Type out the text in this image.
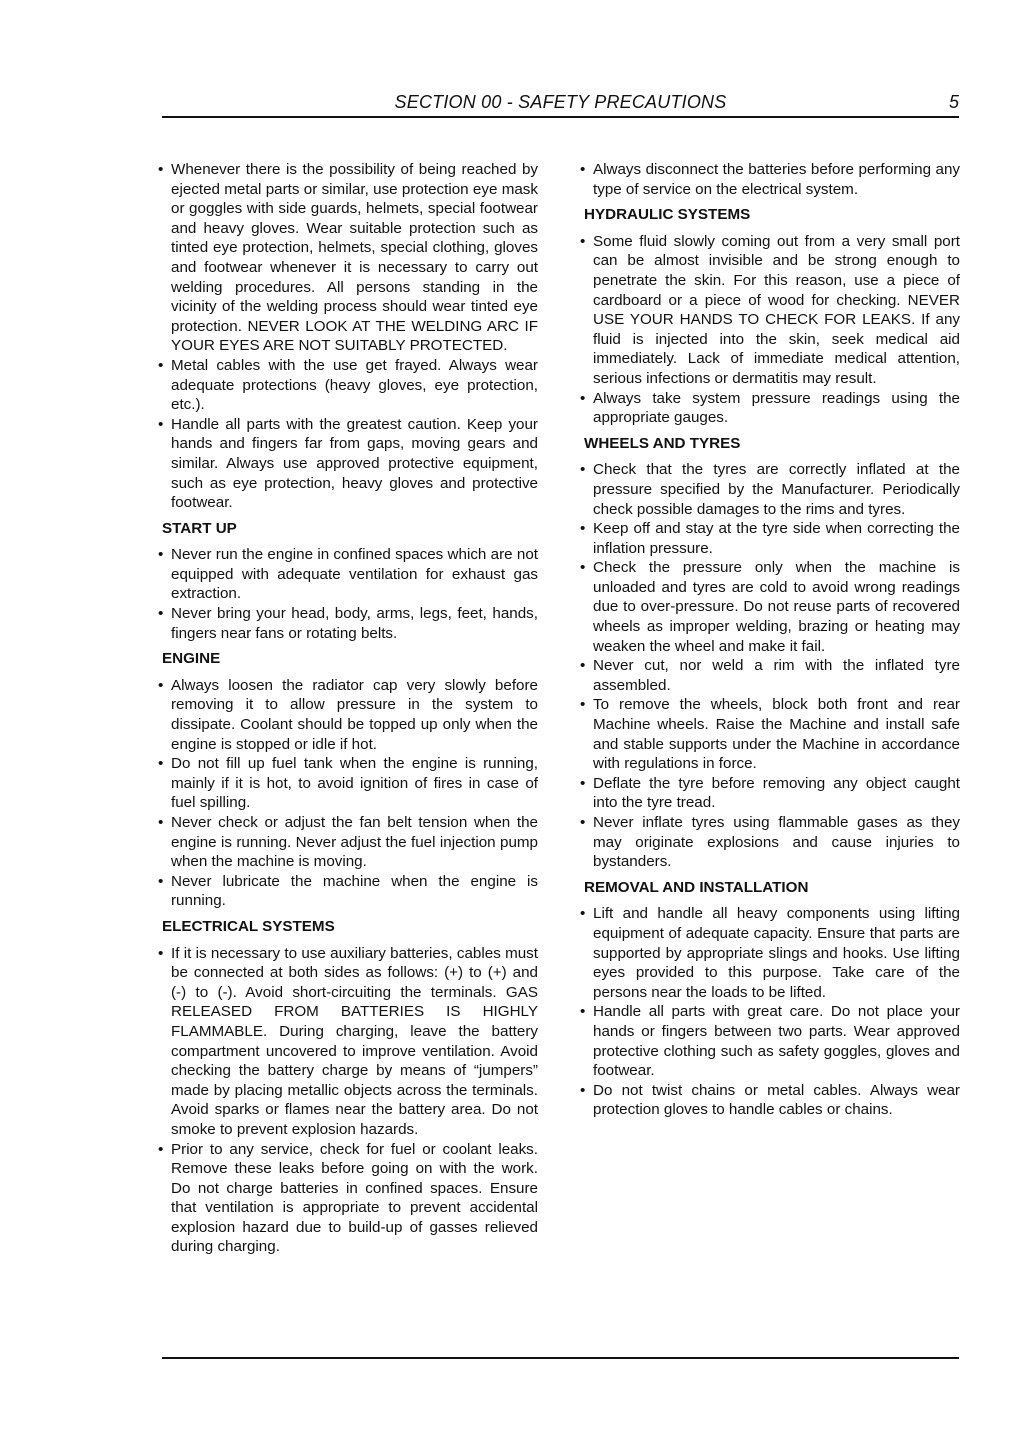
SECTION 00 - SAFETY PRECAUTIONS	5

• Whenever there is the possibility of being reached by ejected metal parts or similar, use protection eye mask or goggles with side guards, helmets, special footwear and heavy gloves. Wear suitable protection such as tinted eye protection, helmets, special clothing, gloves and footwear whenever it is necessary to carry out welding procedures. All persons standing in the vicinity of the welding process should wear tinted eye protection. NEVER LOOK AT THE WELDING ARC IF YOUR EYES ARE NOT SUITABLY PROTECTED.

• Metal cables with the use get frayed. Always wear adequate protections (heavy gloves, eye protection, etc.).

• Handle all parts with the greatest caution. Keep your hands and fingers far from gaps, moving gears and similar. Always use approved protective equipment, such as eye protection, heavy gloves and protective footwear.

START UP

• Never run the engine in confined spaces which are not equipped with adequate ventilation for exhaust gas extraction.

• Never bring your head, body, arms, legs, feet, hands, fingers near fans or rotating belts.

ENGINE

• Always loosen the radiator cap very slowly before removing it to allow pressure in the system to dissipate. Coolant should be topped up only when the engine is stopped or idle if hot.

• Do not fill up fuel tank when the engine is running, mainly if it is hot, to avoid ignition of fires in case of fuel spilling.

• Never check or adjust the fan belt tension when the engine is running. Never adjust the fuel injection pump when the machine is moving.

• Never lubricate the machine when the engine is running.

ELECTRICAL SYSTEMS

• If it is necessary to use auxiliary batteries, cables must be connected at both sides as follows: (+) to (+) and (-) to (-). Avoid short-circuiting the terminals. GAS RELEASED FROM BATTERIES IS HIGHLY FLAMMABLE. During charging, leave the battery compartment uncovered to improve ventilation. Avoid checking the battery charge by means of “jumpers” made by placing metallic objects across the terminals. Avoid sparks or flames near the battery area. Do not smoke to prevent explosion hazards.

• Prior to any service, check for fuel or coolant leaks. Remove these leaks before going on with the work. Do not charge batteries in confined spaces. Ensure that ventilation is appropriate to prevent accidental explosion hazard due to build-up of gasses relieved during charging.

• Always disconnect the batteries before performing any type of service on the electrical system.

HYDRAULIC SYSTEMS

• Some fluid slowly coming out from a very small port can be almost invisible and be strong enough to penetrate the skin. For this reason, use a piece of cardboard or a piece of wood for checking. NEVER USE YOUR HANDS TO CHECK FOR LEAKS. If any fluid is injected into the skin, seek medical aid immediately. Lack of immediate medical attention, serious infections or dermatitis may result.

• Always take system pressure readings using the appropriate gauges.

WHEELS AND TYRES

• Check that the tyres are correctly inflated at the pressure specified by the Manufacturer. Periodically check possible damages to the rims and tyres.

• Keep off and stay at the tyre side when correcting the inflation pressure.

• Check the pressure only when the machine is unloaded and tyres are cold to avoid wrong readings due to over-pressure. Do not reuse parts of recovered wheels as improper welding, brazing or heating may weaken the wheel and make it fail.

• Never cut, nor weld a rim with the inflated tyre assembled.

• To remove the wheels, block both front and rear Machine wheels. Raise the Machine and install safe and stable supports under the Machine in accordance with regulations in force.

• Deflate the tyre before removing any object caught into the tyre tread.

• Never inflate tyres using flammable gases as they may originate explosions and cause injuries to bystanders.

REMOVAL AND INSTALLATION

• Lift and handle all heavy components using lifting equipment of adequate capacity. Ensure that parts are supported by appropriate slings and hooks. Use lifting eyes provided to this purpose. Take care of the persons near the loads to be lifted.

• Handle all parts with great care. Do not place your hands or fingers between two parts. Wear approved protective clothing such as safety goggles, gloves and footwear.

• Do not twist chains or metal cables. Always wear protection gloves to handle cables or chains.
